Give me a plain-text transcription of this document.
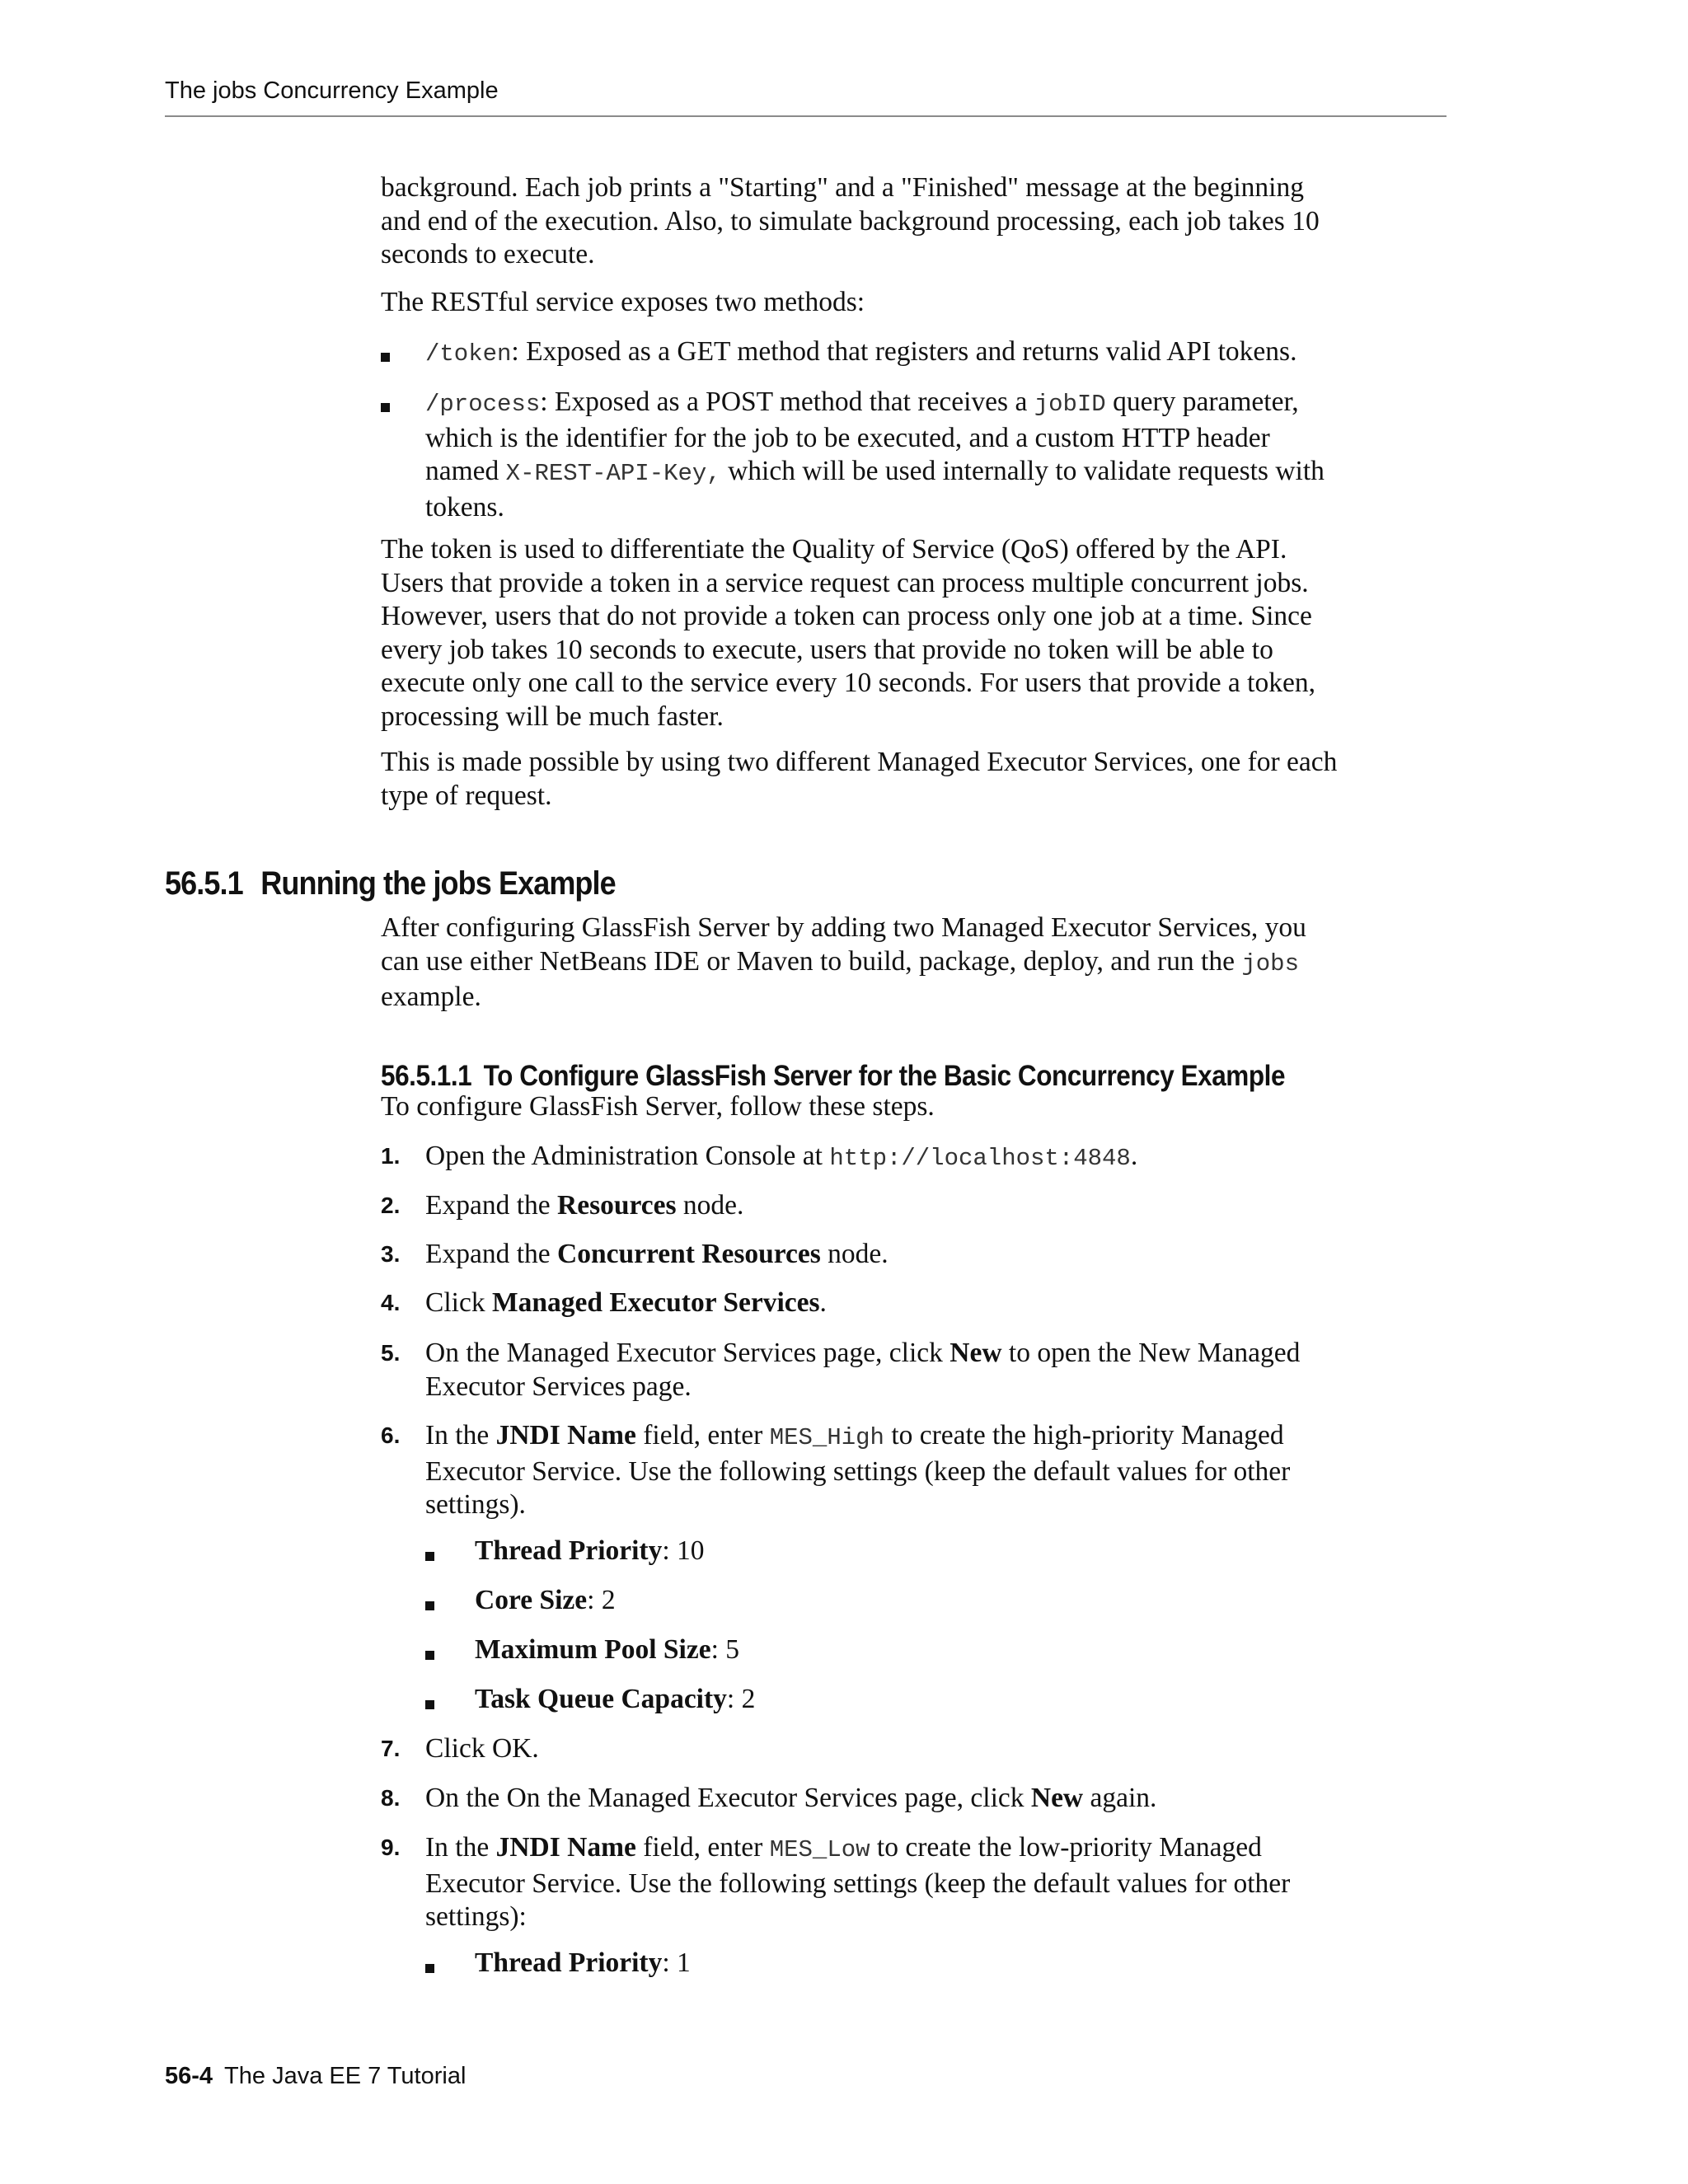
The jobs Concurrency Example

background. Each job prints a "Starting" and a "Finished" message at the beginning
and end of the execution. Also, to simulate background processing, each job takes 10
seconds to execute.

The RESTful service exposes two methods:

/token: Exposed as a GET method that registers and returns valid API tokens.

/process: Exposed as a POST method that receives a jobID query parameter,
which is the identifier for the job to be executed, and a custom HTTP header
named X-REST-API-Key, which will be used internally to validate requests with
tokens.

The token is used to differentiate the Quality of Service (QoS) offered by the API.
Users that provide a token in a service request can process multiple concurrent jobs.
However, users that do not provide a token can process only one job at a time. Since
every job takes 10 seconds to execute, users that provide no token will be able to
execute only one call to the service every 10 seconds. For users that provide a token,
processing will be much faster.

This is made possible by using two different Managed Executor Services, one for each
type of request.

56.5.1 Running the jobs Example

After configuring GlassFish Server by adding two Managed Executor Services, you
can use either NetBeans IDE or Maven to build, package, deploy, and run the jobs
example.

56.5.1.1 To Configure GlassFish Server for the Basic Concurrency Example

To configure GlassFish Server, follow these steps.

1. Open the Administration Console at http://localhost:4848.

2. Expand the Resources node.

3. Expand the Concurrent Resources node.

4. Click Managed Executor Services.

5. On the Managed Executor Services page, click New to open the New Managed
Executor Services page.

6. In the JNDI Name field, enter MES_High to create the high-priority Managed
Executor Service. Use the following settings (keep the default values for other
settings).

Thread Priority: 10

Core Size: 2

Maximum Pool Size: 5

Task Queue Capacity: 2

7. Click OK.

8. On the On the Managed Executor Services page, click New again.

9. In the JNDI Name field, enter MES_Low to create the low-priority Managed
Executor Service. Use the following settings (keep the default values for other
settings):

Thread Priority: 1

56-4 The Java EE 7 Tutorial
